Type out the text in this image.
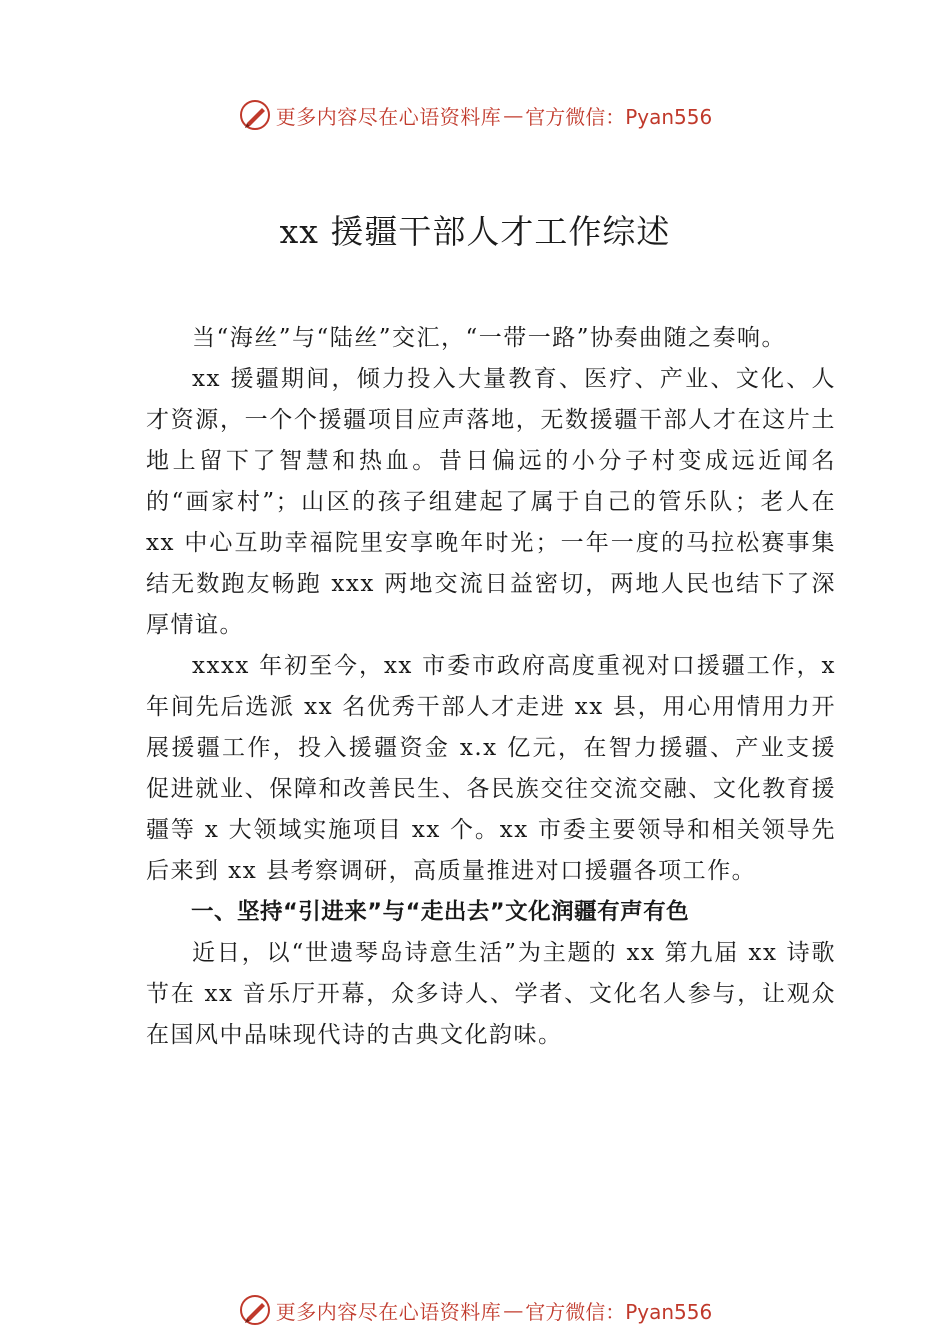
更多内容尽在心语资料库 — 官方微信：Pyan556
xx 援疆干部人才工作综述

当“海丝”与“陆丝”交汇，“一带一路”协奏曲随之奏响。

xx 援疆期间，倾力投入大量教育、医疗、产业、文化、人才资源，一个个援疆项目应声落地，无数援疆干部人才在这片土地上留下了智慧和热血。昔日偏远的小分子村变成远近闻名的“画家村”；山区的孩子组建起了属于自己的管乐队；老人在 xx 中心互助幸福院里安享晚年时光；一年一度的马拉松赛事集结无数跑友畅跑 xxx 两地交流日益密切，两地人民也结下了深厚情谊。

xxxx 年初至今，xx 市委市政府高度重视对口援疆工作，x 年间先后选派 xx 名优秀干部人才走进 xx 县，用心用情用力开展援疆工作，投入援疆资金 x.x 亿元，在智力援疆、产业支援促进就业、保障和改善民生、各民族交往交流交融、文化教育援疆等 x 大领域实施项目 xx 个。xx 市委主要领导和相关领导先后来到 xx 县考察调研，高质量推进对口援疆各项工作。

一、坚持“引进来”与“走出去”文化润疆有声有色

近日，以“世遗琴岛诗意生活”为主题的 xx 第九届 xx 诗歌节在 xx 音乐厅开幕，众多诗人、学者、文化名人参与，让观众在国风中品味现代诗的古典文化韵味。

更多内容尽在心语资料库 — 官方微信：Pyan556
